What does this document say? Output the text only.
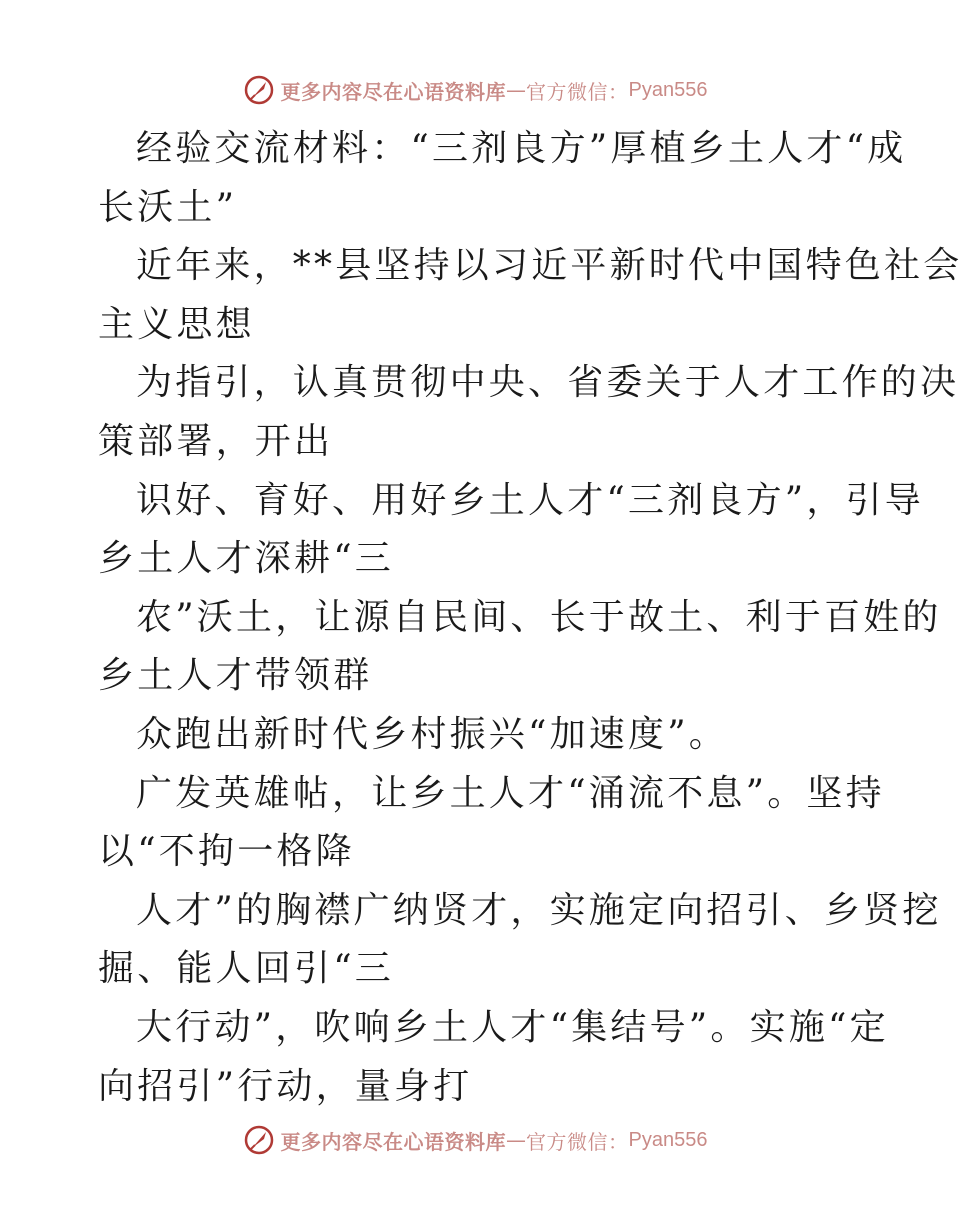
更多内容尽在心语资料库 — 官方微信： Pyan556
经验交流材料：“三剂良方”厚植乡土人才“成
长沃土”
近年来，**县坚持以习近平新时代中国特色社会
主义思想
为指引，认真贯彻中央、省委关于人才工作的决
策部署，开出
识好、育好、用好乡土人才“三剂良方”，引导
乡土人才深耕“三
农”沃土，让源自民间、长于故土、利于百姓的
乡土人才带领群
众跑出新时代乡村振兴“加速度”。
广发英雄帖，让乡土人才“涌流不息”。坚持
以“不拘一格降
人才”的胸襟广纳贤才，实施定向招引、乡贤挖
掘、能人回引“三
大行动”，吹响乡土人才“集结号”。实施“定
向招引”行动，量身打
更多内容尽在心语资料库 — 官方微信： Pyan556
